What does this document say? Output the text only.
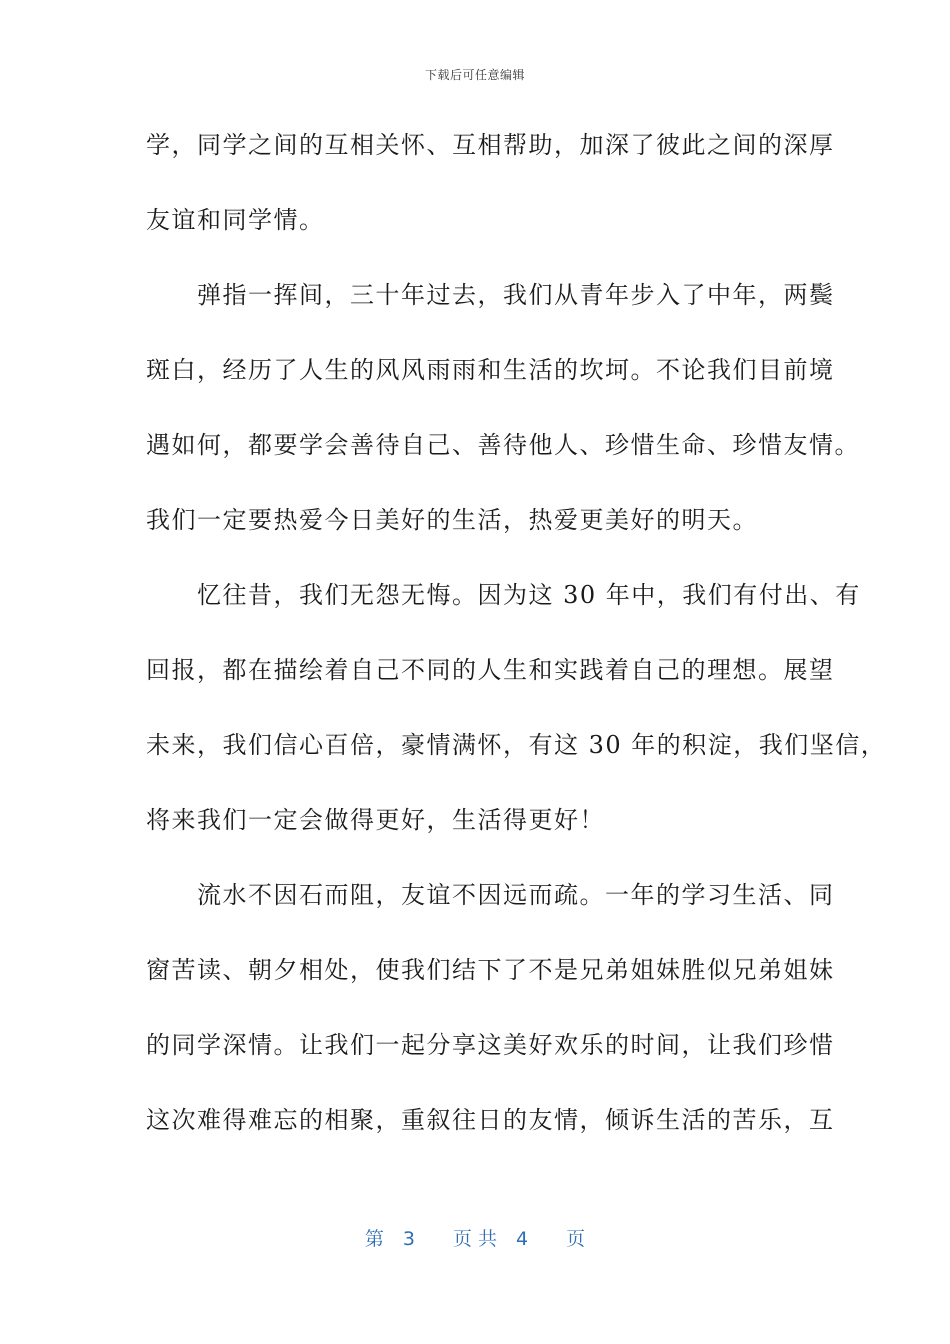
下载后可任意编辑
学，同学之间的互相关怀、互相帮助，加深了彼此之间的深厚
友谊和同学情。
　　弹指一挥间，三十年过去，我们从青年步入了中年，两鬓
斑白，经历了人生的风风雨雨和生活的坎坷。不论我们目前境
遇如何，都要学会善待自己、善待他人、珍惜生命、珍惜友情。
我们一定要热爱今日美好的生活，热爱更美好的明天。
　　忆往昔，我们无怨无悔。因为这 30 年中，我们有付出、有
回报，都在描绘着自己不同的人生和实践着自己的理想。展望
未来，我们信心百倍，豪情满怀，有这 30 年的积淀，我们坚信，
将来我们一定会做得更好，生活得更好！
　　流水不因石而阻，友谊不因远而疏。一年的学习生活、同
窗苦读、朝夕相处，使我们结下了不是兄弟姐妹胜似兄弟姐妹
的同学深情。让我们一起分享这美好欢乐的时间，让我们珍惜
这次难得难忘的相聚，重叙往日的友情，倾诉生活的苦乐，互
第　3　　页 共　4　　页
